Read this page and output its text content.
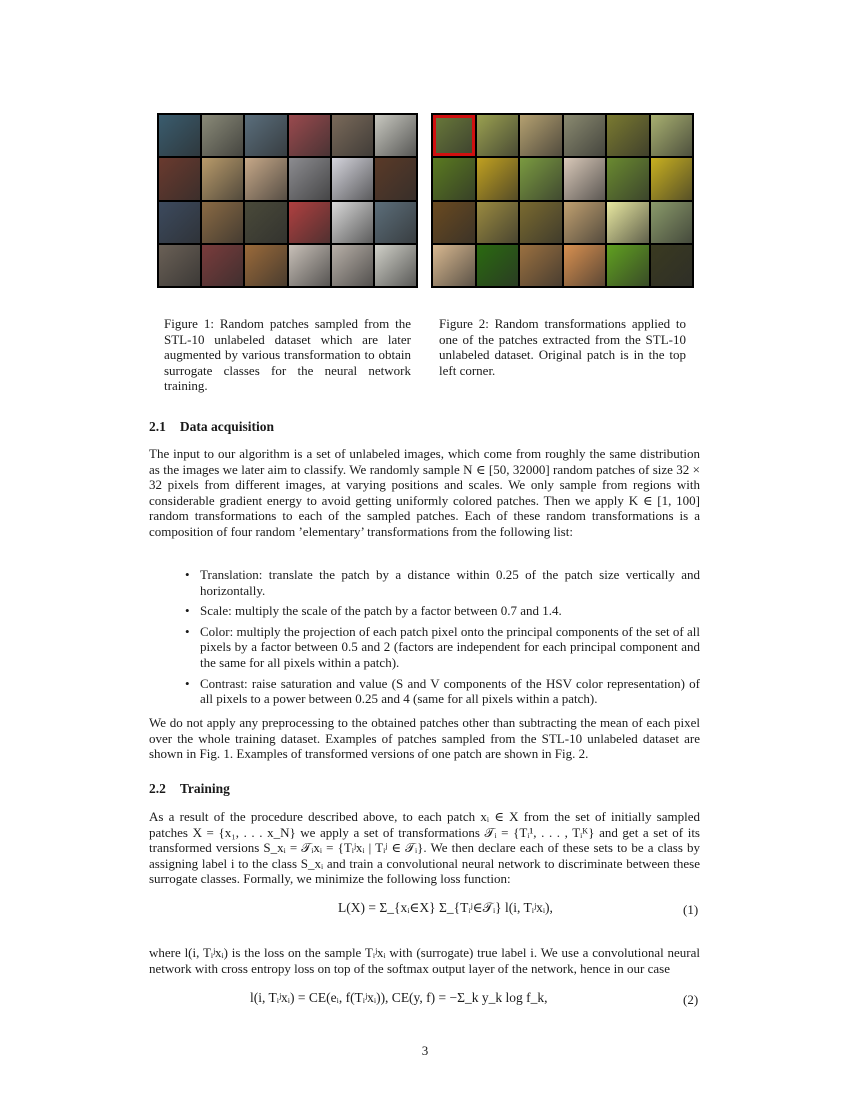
Figure 1: Random patches sampled from the STL-10 unlabeled dataset which are later augmented by various transformation to obtain surrogate classes for the neural network training.
Figure 2: Random transformations applied to one of the patches extracted from the STL-10 unlabeled dataset. Original patch is in the top left corner.
2.1 Data acquisition
The input to our algorithm is a set of unlabeled images, which come from roughly the same distribution as the images we later aim to classify. We randomly sample N ∈ [50, 32000] random patches of size 32 × 32 pixels from different images, at varying positions and scales. We only sample from regions with considerable gradient energy to avoid getting uniformly colored patches. Then we apply K ∈ [1, 100] random transformations to each of the sampled patches. Each of these random transformations is a composition of four random ’elementary’ transformations from the following list:
• Translation: translate the patch by a distance within 0.25 of the patch size vertically and horizontally.
• Scale: multiply the scale of the patch by a factor between 0.7 and 1.4.
• Color: multiply the projection of each patch pixel onto the principal components of the set of all pixels by a factor between 0.5 and 2 (factors are independent for each principal component and the same for all pixels within a patch).
• Contrast: raise saturation and value (S and V components of the HSV color representation) of all pixels to a power between 0.25 and 4 (same for all pixels within a patch).
We do not apply any preprocessing to the obtained patches other than subtracting the mean of each pixel over the whole training dataset. Examples of patches sampled from the STL-10 unlabeled dataset are shown in Fig. 1. Examples of transformed versions of one patch are shown in Fig. 2.
2.2 Training
As a result of the procedure described above, to each patch xᵢ ∈ X from the set of initially sampled patches X = {x₁, . . . x_N} we apply a set of transformations 𝒯ᵢ = {Tᵢ¹, . . . , Tᵢᴷ} and get a set of its transformed versions S_xᵢ = 𝒯ᵢxᵢ = {Tᵢʲxᵢ | Tᵢʲ ∈ 𝒯ᵢ}. We then declare each of these sets to be a class by assigning label i to the class S_xᵢ and train a convolutional neural network to discriminate between these surrogate classes. Formally, we minimize the following loss function:
L(X) = Σ_{xᵢ∈X} Σ_{Tᵢʲ∈𝒯ᵢ} l(i, Tᵢʲxᵢ),	(1)
where l(i, Tᵢʲxᵢ) is the loss on the sample Tᵢʲxᵢ with (surrogate) true label i. We use a convolutional neural network with cross entropy loss on top of the softmax output layer of the network, hence in our case
l(i, Tᵢʲxᵢ) = CE(eᵢ, f(Tᵢʲxᵢ)), CE(y, f) = −Σ_k y_k log f_k,	(2)
3
